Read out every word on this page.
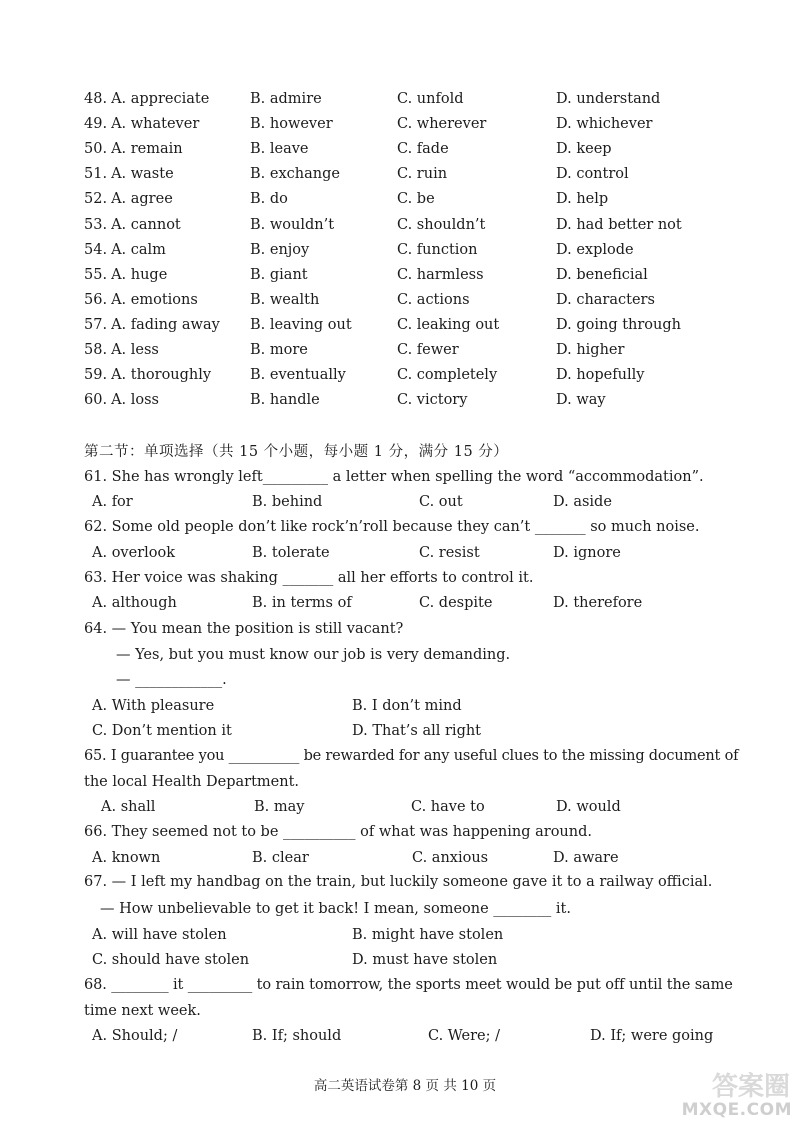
48. A. appreciate	B. admire	C. unfold	D. understand
49. A. whatever	B. however	C. wherever	D. whichever
50. A. remain	B. leave	C. fade	D. keep
51. A. waste	B. exchange	C. ruin	D. control
52. A. agree	B. do	C. be	D. help
53. A. cannot	B. wouldn’t	C. shouldn’t	D. had better not
54. A. calm	B. enjoy	C. function	D. explode
55. A. huge	B. giant	C. harmless	D. beneficial
56. A. emotions	B. wealth	C. actions	D. characters
57. A. fading away B. leaving out	C. leaking out	D. going through
58. A. less	B. more	C. fewer	D. higher
59. A. thoroughly	B. eventually	C. completely	D. hopefully
60. A. loss	B. handle	C. victory	D. way
第二节：单项选择（共 15 个小题，每小题 1 分，满分 15 分）
61. She has wrongly left_________ a letter when spelling the word “accommodation”.
A. for	B. behind	C. out	D. aside
62. Some old people don’t like rock’n’roll because they can’t _______ so much noise.
A. overlook	B. tolerate	C. resist	D. ignore
63. Her voice was shaking _______ all her efforts to control it.
A. although	B. in terms of	C. despite	D. therefore
64. — You mean the position is still vacant?
— Yes, but you must know our job is very demanding.
— ____________.
A. With pleasure	B. I don’t mind
C. Don’t mention it	D. That’s all right
65. I guarantee you __________ be rewarded for any useful clues to the missing document of
the local Health Department.
A. shall	B. may	C. have to	D. would
66. They seemed not to be __________ of what was happening around.
A. known	B. clear	C. anxious	D. aware
67. — I left my handbag on the train, but luckily someone gave it to a railway official.
— How unbelievable to get it back! I mean, someone ________ it.
A. will have stolen	B. might have stolen
C. should have stolen	D. must have stolen
68. ________ it _________ to rain tomorrow, the sports meet would be put off until the same
time next week.
A. Should; /	B. If; should	C. Were; /	D. If; were going
高二英语试卷第 8 页 共 10 页	答案圈
MXQE.COM
